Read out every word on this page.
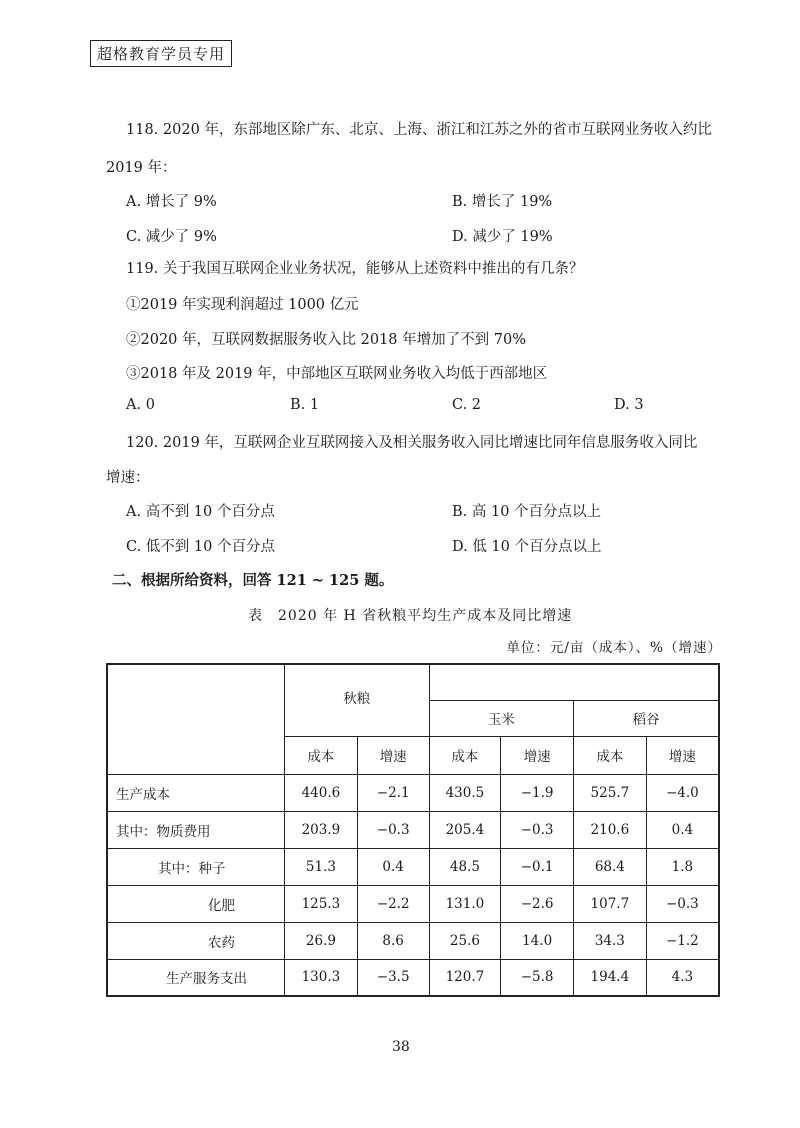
超格教育学员专用
118. 2020 年，东部地区除广东、北京、上海、浙江和江苏之外的省市互联网业务收入约比
2019 年：
A. 增长了 9%	B. 增长了 19%
C. 减少了 9%	D. 减少了 19%
119. 关于我国互联网企业业务状况，能够从上述资料中推出的有几条？
①2019 年实现利润超过 1000 亿元
②2020 年，互联网数据服务收入比 2018 年增加了不到 70%
③2018 年及 2019 年，中部地区互联网业务收入均低于西部地区
A. 0	B. 1	C. 2	D. 3
120. 2019 年，互联网企业互联网接入及相关服务收入同比增速比同年信息服务收入同比
增速：
A. 高不到 10 个百分点	B. 高 10 个百分点以上
C. 低不到 10 个百分点	D. 低 10 个百分点以上
二、根据所给资料，回答 121 ~ 125 题。
表　2020 年 H 省秋粮平均生产成本及同比增速
单位：元/亩（成本）、%（增速）
	秋粮					
			玉米		稻谷	
	成本	增速	成本	增速	成本	增速
生产成本	440.6	−2.1	430.5	−1.9	525.7	−4.0
其中：物质费用	203.9	−0.3	205.4	−0.3	210.6	0.4
其中：种子	51.3	0.4	48.5	−0.1	68.4	1.8
化肥	125.3	−2.2	131.0	−2.6	107.7	−0.3
农药	26.9	8.6	25.6	14.0	34.3	−1.2
生产服务支出	130.3	−3.5	120.7	−5.8	194.4	4.3
38
